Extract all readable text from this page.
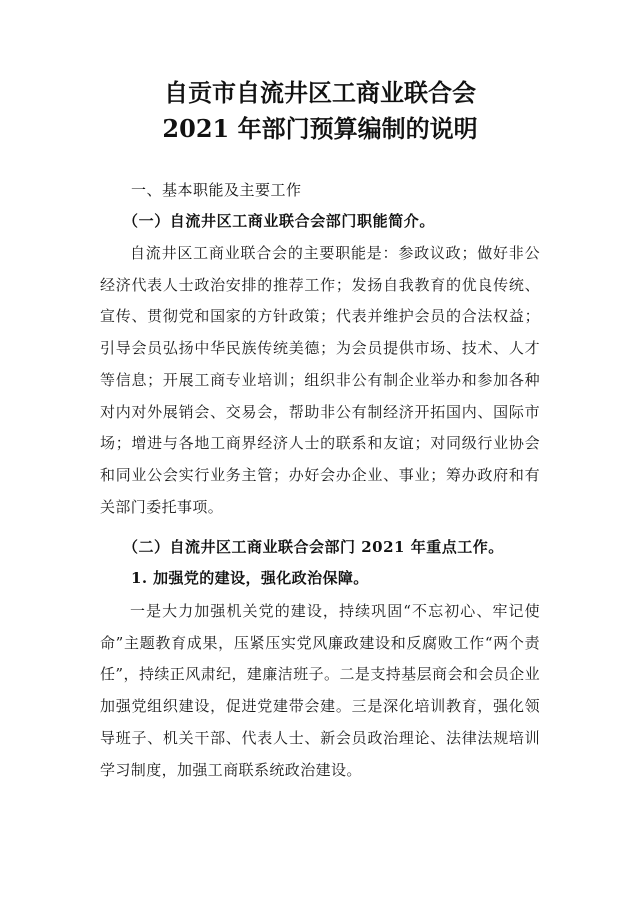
自贡市自流井区工商业联合会
2021 年部门预算编制的说明
一、基本职能及主要工作
（一）自流井区工商业联合会部门职能简介。
自流井区工商业联合会的主要职能是：参政议政；做好非公经济代表人士政治安排的推荐工作；发扬自我教育的优良传统、宣传、贯彻党和国家的方针政策；代表并维护会员的合法权益；引导会员弘扬中华民族传统美德；为会员提供市场、技术、人才等信息；开展工商专业培训；组织非公有制企业举办和参加各种对内对外展销会、交易会，帮助非公有制经济开拓国内、国际市场；增进与各地工商界经济人士的联系和友谊；对同级行业协会和同业公会实行业务主管；办好会办企业、事业；筹办政府和有关部门委托事项。
（二）自流井区工商业联合会部门 2021 年重点工作。
1. 加强党的建设，强化政治保障。
一是大力加强机关党的建设，持续巩固“不忘初心、牢记使命”主题教育成果，压紧压实党风廉政建设和反腐败工作“两个责任”，持续正风肃纪，建廉洁班子。二是支持基层商会和会员企业加强党组织建设，促进党建带会建。三是深化培训教育，强化领导班子、机关干部、代表人士、新会员政治理论、法律法规培训学习制度，加强工商联系统政治建设。
